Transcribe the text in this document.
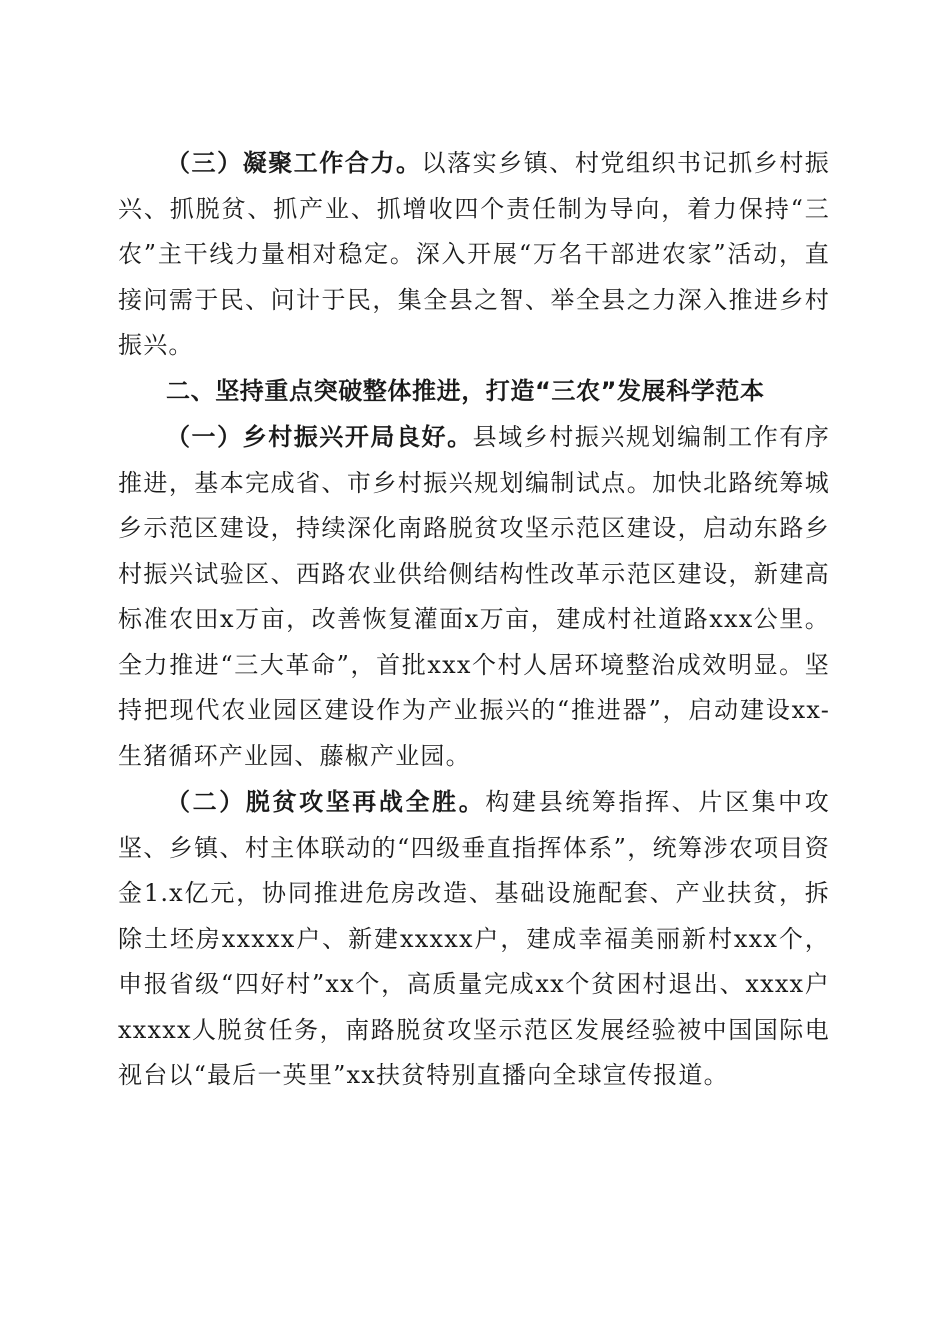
（三）凝聚工作合力。以落实乡镇、村党组织书记抓乡村振兴、抓脱贫、抓产业、抓增收四个责任制为导向，着力保持“三农”主干线力量相对稳定。深入开展“万名干部进农家”活动，直接问需于民、问计于民，集全县之智、举全县之力深入推进乡村振兴。

二、坚持重点突破整体推进，打造“三农”发展科学范本

（一）乡村振兴开局良好。县域乡村振兴规划编制工作有序推进，基本完成省、市乡村振兴规划编制试点。加快北路统筹城乡示范区建设，持续深化南路脱贫攻坚示范区建设，启动东路乡村振兴试验区、西路农业供给侧结构性改革示范区建设，新建高标准农田x万亩，改善恢复灌面x万亩，建成村社道路xxx公里。全力推进“三大革命”，首批xxx个村人居环境整治成效明显。坚持把现代农业园区建设作为产业振兴的“推进器”，启动建设xx-生猪循环产业园、藤椒产业园。

（二）脱贫攻坚再战全胜。构建县统筹指挥、片区集中攻坚、乡镇、村主体联动的“四级垂直指挥体系”，统筹涉农项目资金1.x亿元，协同推进危房改造、基础设施配套、产业扶贫，拆除土坯房xxxxx户、新建xxxxx户，建成幸福美丽新村xxx个，申报省级“四好村”xx个，高质量完成xx个贫困村退出、xxxx户xxxxx人脱贫任务，南路脱贫攻坚示范区发展经验被中国国际电视台以“最后一英里”xx扶贫特别直播向全球宣传报道。
